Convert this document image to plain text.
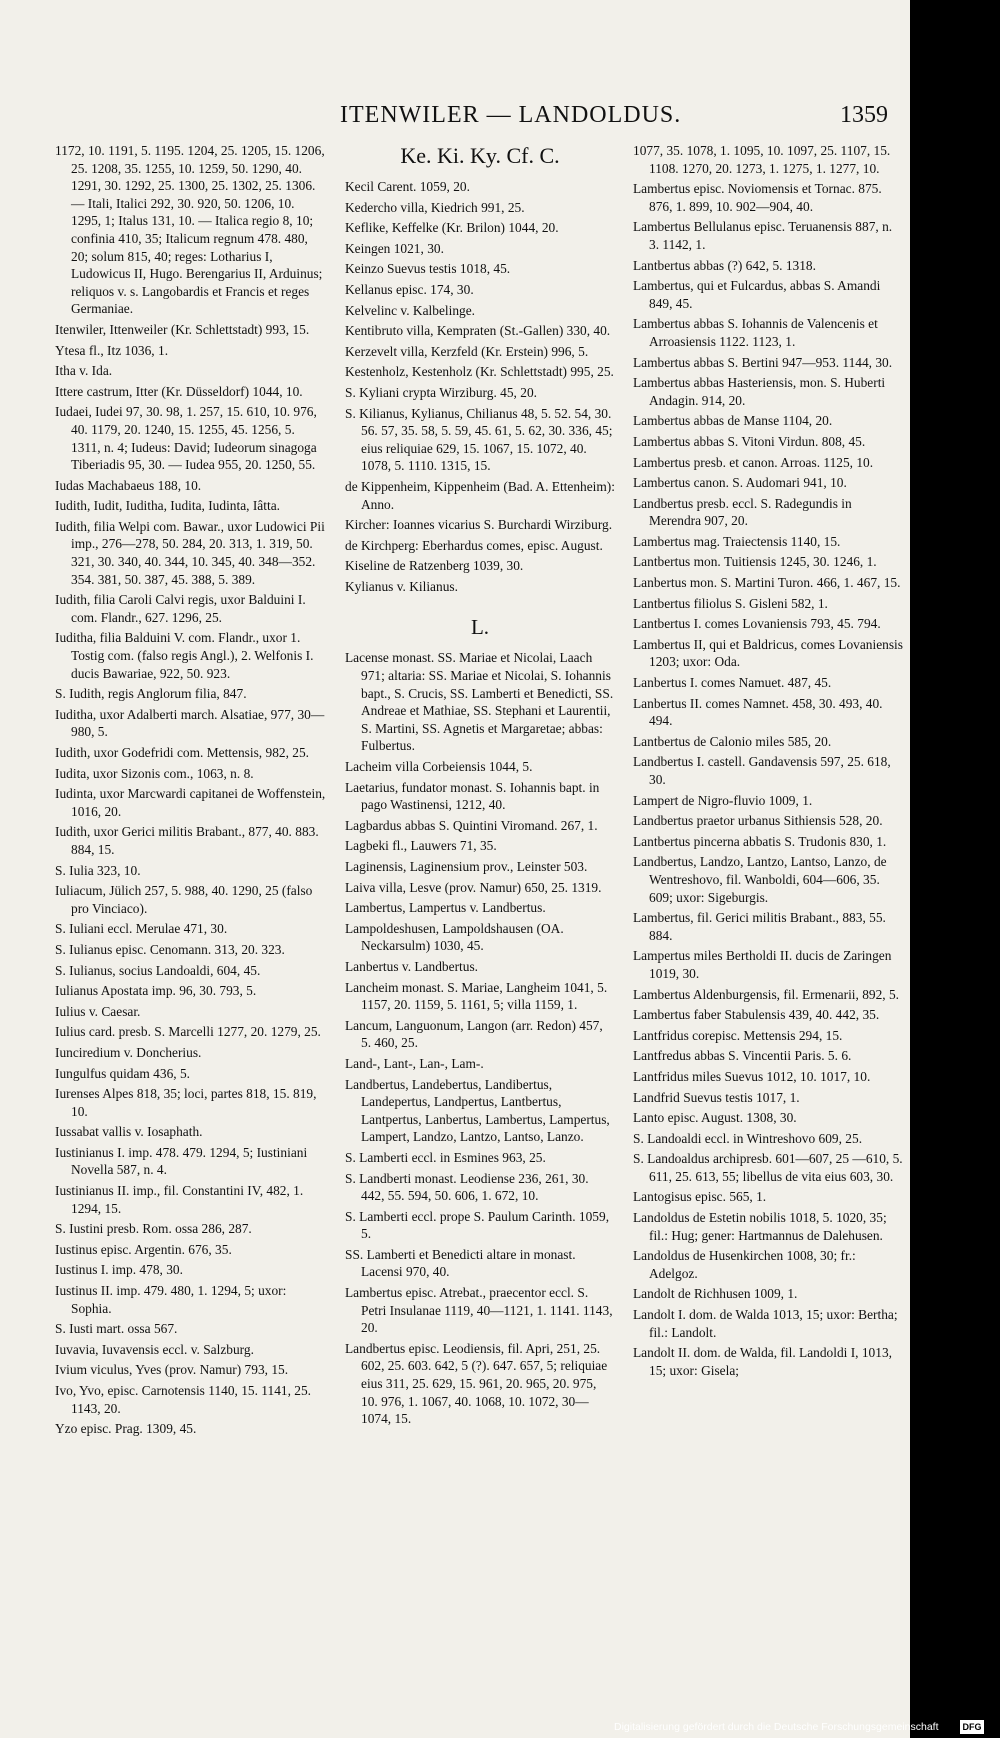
ITENWILER — LANDOLDUS.	1359
1172, 10. 1191, 5. 1195. 1204, 25. 1205, 15. 1206, 25. 1208, 35. 1255, 10. 1259, 50. 1290, 40. 1291, 30. 1292, 25. 1300, 25. 1302, 25. 1306. — Itali, Italici 292, 30. 920, 50. 1206, 10. 1295, 1; Italus 131, 10. — Italica regio 8, 10; confinia 410, 35; Italicum regnum 478. 480, 20; solum 815, 40; reges: Lotharius I, Ludowicus II, Hugo. Berengarius II, Arduinus; reliquos v. s. Langobardis et Francis et reges Germaniae.
Itenwiler, Ittenweiler (Kr. Schlettstadt) 993, 15.
Ytesa fl., Itz 1036, 1.
Itha v. Ida.
Ittere castrum, Itter (Kr. Düsseldorf) 1044, 10.
Iudaei, Iudei 97, 30. 98, 1. 257, 15. 610, 10. 976, 40. 1179, 20. 1240, 15. 1255, 45. 1256, 5. 1311, n. 4; Iudeus: David; Iudeorum sinagoga Tiberiadis 95, 30. — Iudea 955, 20. 1250, 55.
Iudas Machabaeus 188, 10.
Iudith, Iudit, Iuditha, Iudita, Iudinta, Iâtta.
Iudith, filia Welpi com. Bawar., uxor Ludowici Pii imp., 276—278, 50. 284, 20. 313, 1. 319, 50. 321, 30. 340, 40. 344, 10. 345, 40. 348—352. 354. 381, 50. 387, 45. 388, 5. 389.
Iudith, filia Caroli Calvi regis, uxor Balduini I. com. Flandr., 627. 1296, 25.
Iuditha, filia Balduini V. com. Flandr., uxor 1. Tostig com. (falso regis Angl.), 2. Welfonis I. ducis Bawariae, 922, 50. 923.
S. Iudith, regis Anglorum filia, 847.
Iuditha, uxor Adalberti march. Alsatiae, 977, 30—980, 5.
Iudith, uxor Godefridi com. Mettensis, 982, 25.
Iudita, uxor Sizonis com., 1063, n. 8.
Iudinta, uxor Marcwardi capitanei de Woffenstein, 1016, 20.
Iudith, uxor Gerici militis Brabant., 877, 40. 883. 884, 15.
S. Iulia 323, 10.
Iuliacum, Jülich 257, 5. 988, 40. 1290, 25 (falso pro Vinciaco).
S. Iuliani eccl. Merulae 471, 30.
S. Iulianus episc. Cenomann. 313, 20. 323.
S. Iulianus, socius Landoaldi, 604, 45.
Iulianus Apostata imp. 96, 30. 793, 5.
Iulius v. Caesar.
Iulius card. presb. S. Marcelli 1277, 20. 1279, 25.
Iunciredium v. Doncherius.
Iungulfus quidam 436, 5.
Iurenses Alpes 818, 35; loci, partes 818, 15. 819, 10.
Iussabat vallis v. Iosaphath.
Iustinianus I. imp. 478. 479. 1294, 5; Iustiniani Novella 587, n. 4.
Iustinianus II. imp., fil. Constantini IV, 482, 1. 1294, 15.
S. Iustini presb. Rom. ossa 286, 287.
Iustinus episc. Argentin. 676, 35.
Iustinus I. imp. 478, 30.
Iustinus II. imp. 479. 480, 1. 1294, 5; uxor: Sophia.
S. Iusti mart. ossa 567.
Iuvavia, Iuvavensis eccl. v. Salzburg.
Ivium viculus, Yves (prov. Namur) 793, 15.
Ivo, Yvo, episc. Carnotensis 1140, 15. 1141, 25. 1143, 20.
Yzo episc. Prag. 1309, 45.
Ke. Ki. Ky. Cf. C.
Kecil Carent. 1059, 20.
Kedercho villa, Kiedrich 991, 25.
Keflike, Keffelke (Kr. Brilon) 1044, 20.
Keingen 1021, 30.
Keinzo Suevus testis 1018, 45.
Kellanus episc. 174, 30.
Kelvelinc v. Kalbelinge.
Kentibruto villa, Kempraten (St.-Gallen) 330, 40.
Kerzevelt villa, Kerzfeld (Kr. Erstein) 996, 5.
Kestenholz, Kestenholz (Kr. Schlettstadt) 995, 25.
S. Kyliani crypta Wirziburg. 45, 20.
S. Kilianus, Kylianus, Chilianus 48, 5. 52. 54, 30. 56. 57, 35. 58, 5. 59, 45. 61, 5. 62, 30. 336, 45; eius reliquiae 629, 15. 1067, 15. 1072, 40. 1078, 5. 1110. 1315, 15.
de Kippenheim, Kippenheim (Bad. A. Ettenheim): Anno.
Kircher: Ioannes vicarius S. Burchardi Wirziburg.
de Kirchperg: Eberhardus comes, episc. August.
Kiseline de Ratzenberg 1039, 30.
Kylianus v. Kilianus.
L.
Lacense monast. SS. Mariae et Nicolai, Laach 971; altaria: SS. Mariae et Nicolai, S. Iohannis bapt., S. Crucis, SS. Lamberti et Benedicti, SS. Andreae et Mathiae, SS. Stephani et Laurentii, S. Martini, SS. Agnetis et Margaretae; abbas: Fulbertus.
Lacheim villa Corbeiensis 1044, 5.
Laetarius, fundator monast. S. Iohannis bapt. in pago Wastinensi, 1212, 40.
Lagbardus abbas S. Quintini Viromand. 267, 1.
Lagbeki fl., Lauwers 71, 35.
Laginensis, Laginensium prov., Leinster 503.
Laiva villa, Lesve (prov. Namur) 650, 25. 1319.
Lambertus, Lampertus v. Landbertus.
Lampoldeshusen, Lampoldshausen (OA. Neckarsulm) 1030, 45.
Lanbertus v. Landbertus.
Lancheim monast. S. Mariae, Langheim 1041, 5. 1157, 20. 1159, 5. 1161, 5; villa 1159, 1.
Lancum, Languonum, Langon (arr. Redon) 457, 5. 460, 25.
Land-, Lant-, Lan-, Lam-.
Landbertus, Landebertus, Landibertus, Landepertus, Landpertus, Lantbertus, Lantpertus, Lanbertus, Lambertus, Lampertus, Lampert, Landzo, Lantzo, Lantso, Lanzo.
S. Lamberti eccl. in Esmines 963, 25.
S. Landberti monast. Leodiense 236, 261, 30. 442, 55. 594, 50. 606, 1. 672, 10.
S. Lamberti eccl. prope S. Paulum Carinth. 1059, 5.
SS. Lamberti et Benedicti altare in monast. Lacensi 970, 40.
Lambertus episc. Atrebat., praecentor eccl. S. Petri Insulanae 1119, 40—1121, 1. 1141. 1143, 20.
Landbertus episc. Leodiensis, fil. Apri, 251, 25. 602, 25. 603. 642, 5 (?). 647. 657, 5; reliquiae eius 311, 25. 629, 15. 961, 20. 965, 20. 975, 10. 976, 1. 1067, 40. 1068, 10. 1072, 30—1074, 15.
1077, 35. 1078, 1. 1095, 10. 1097, 25. 1107, 15. 1108. 1270, 20. 1273, 1. 1275, 1. 1277, 10.
Lambertus episc. Noviomensis et Tornac. 875. 876, 1. 899, 10. 902—904, 40.
Lambertus Bellulanus episc. Teruanensis 887, n. 3. 1142, 1.
Lantbertus abbas (?) 642, 5. 1318.
Lambertus, qui et Fulcardus, abbas S. Amandi 849, 45.
Lambertus abbas S. Iohannis de Valencenis et Arroasiensis 1122. 1123, 1.
Lambertus abbas S. Bertini 947—953. 1144, 30.
Lambertus abbas Hasteriensis, mon. S. Huberti Andagin. 914, 20.
Lambertus abbas de Manse 1104, 20.
Lambertus abbas S. Vitoni Virdun. 808, 45.
Lambertus presb. et canon. Arroas. 1125, 10.
Lambertus canon. S. Audomari 941, 10.
Landbertus presb. eccl. S. Radegundis in Merendra 907, 20.
Lambertus mag. Traiectensis 1140, 15.
Lantbertus mon. Tuitiensis 1245, 30. 1246, 1.
Lanbertus mon. S. Martini Turon. 466, 1. 467, 15.
Lantbertus filiolus S. Gisleni 582, 1.
Lantbertus I. comes Lovaniensis 793, 45. 794.
Lambertus II, qui et Baldricus, comes Lovaniensis 1203; uxor: Oda.
Lanbertus I. comes Namuet. 487, 45.
Lanbertus II. comes Namnet. 458, 30. 493, 40. 494.
Lantbertus de Calonio miles 585, 20.
Landbertus I. castell. Gandavensis 597, 25. 618, 30.
Lampert de Nigro-fluvio 1009, 1.
Landbertus praetor urbanus Sithiensis 528, 20.
Lantbertus pincerna abbatis S. Trudonis 830, 1.
Landbertus, Landzo, Lantzo, Lantso, Lanzo, de Wentreshovo, fil. Wanboldi, 604—606, 35. 609; uxor: Sigeburgis.
Lambertus, fil. Gerici militis Brabant., 883, 55. 884.
Lampertus miles Bertholdi II. ducis de Zaringen 1019, 30.
Lambertus Aldenburgensis, fil. Ermenarii, 892, 5.
Lambertus faber Stabulensis 439, 40. 442, 35.
Lantfridus corepisc. Mettensis 294, 15.
Lantfredus abbas S. Vincentii Paris. 5. 6.
Lantfridus miles Suevus 1012, 10. 1017, 10.
Landfrid Suevus testis 1017, 1.
Lanto episc. August. 1308, 30.
S. Landoaldi eccl. in Wintreshovo 609, 25.
S. Landoaldus archipresb. 601—607, 25 —610, 5. 611, 25. 613, 55; libellus de vita eius 603, 30.
Lantogisus episc. 565, 1.
Landoldus de Estetin nobilis 1018, 5. 1020, 35; fil.: Hug; gener: Hartmannus de Dalehusen.
Landoldus de Husenkirchen 1008, 30; fr.: Adelgoz.
Landolt de Richhusen 1009, 1.
Landolt I. dom. de Walda 1013, 15; uxor: Bertha; fil.: Landolt.
Landolt II. dom. de Walda, fil. Landoldi I, 1013, 15; uxor: Gisela;
Digitalisierung gefördert durch die Deutsche Forschungsgemeinschaft	DFG
